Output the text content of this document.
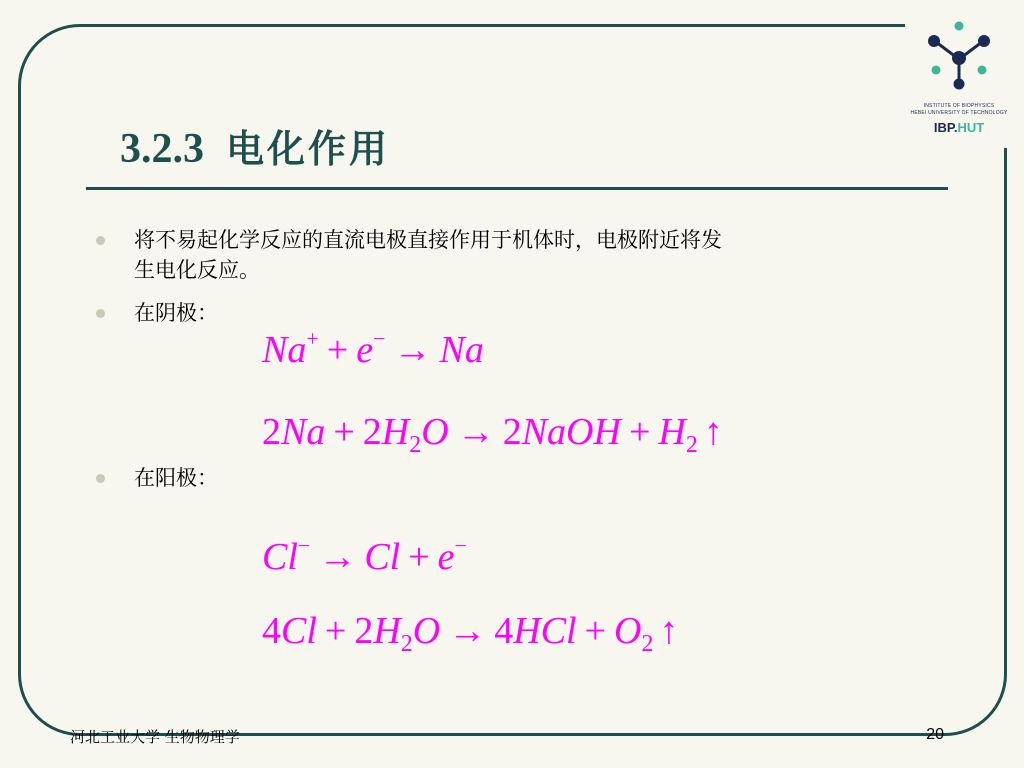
INSTITUTE OF BIOPHYSICS
HEBEI UNIVERSITY OF TECHNOLOGY
IBP.HUT
3.2.3 电化作用
将不易起化学反应的直流电极直接作用于机体时，电极附近将发
生电化反应。
在阴极：
Na+ + e− → Na
$2Na + 2H_2O$ → 2NaOH + $H_2$ ↑
在阳极：
Cl− → Cl + e−
$4Cl + 2H_2O \to 4HCl + O_2$ ↑
河北工业大学 生物物理学	20
